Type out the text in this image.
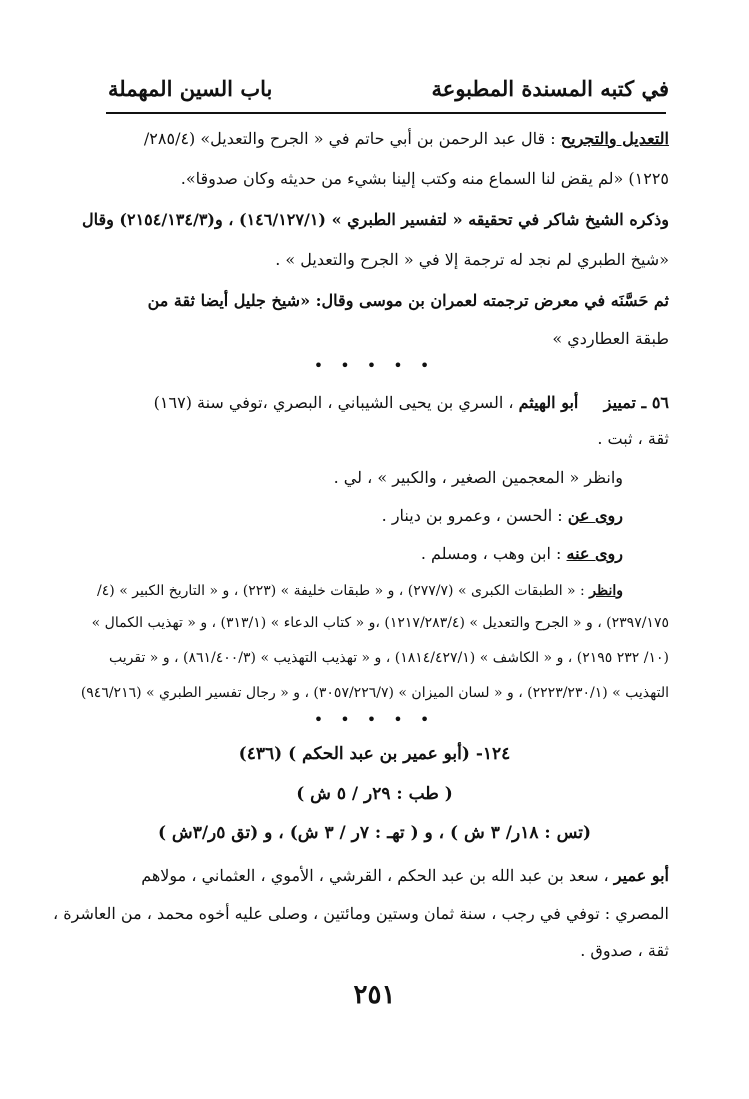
في كتبه المسندة المطبوعة
باب السين المهملة
التعديل والتجريح : قال عبد الرحمن بن أبي حاتم في « الجرح والتعديل» (٢٨٥/٤/
١٢٢٥) «لم يقض لنا السماع منه وكتب إلينا بشيء من حديثه وكان صدوقا».
وذكره الشيخ شاكر في تحقيقه « لتفسير الطبري » (١٤٦/١٢٧/١) ، و(٢١٥٤/١٣٤/٣) وقال
«شيخ الطبري لم نجد له ترجمة إلا في « الجرح والتعديل » .
ثم حَسَّنَه في معرض ترجمته لعمران بن موسى وقال: «شيخ جليل أيضا ثقة من
طبقة العطاردي »
• • • • •
٥٦ ـ تمييز     أبو الهيثم ، السري بن يحيى الشيباني ، البصري ،توفي سنة (١٦٧)
ثقة ، ثبت .
وانظر « المعجمين الصغير ، والكبير » ، لي .
روى عن : الحسن ، وعمرو بن دينار .
روى عنه : ابن وهب ، ومسلم .
وانظر : « الطبقات الكبرى » (٢٧٧/٧) ، و « طبقات خليفة » (٢٢٣) ، و « التاريخ الكبير » (٤/
٢٣٩٧/١٧٥) ، و « الجرح والتعديل » (١٢١٧/٢٨٣/٤) ،و « كتاب الدعاء » (٣١٣/١) ، و « تهذيب الكمال »
(١٠/ ٢٣٢ ٢١٩٥) ، و « الكاشف » (١٨١٤/٤٢٧/١) ، و « تهذيب التهذيب » (٨٦١/٤٠٠/٣) ، و « تقريب
التهذيب » (٢٢٢٣/٢٣٠/١) ، و « لسان الميزان » (٣٠٥٧/٢٢٦/٧) ، و « رجال تفسير الطبري » (٩٤٦/٢١٦)
• • • • •
١٢٤- (أبو عمير بن عبد الحكم ) (٤٣٦)
( طب : ٢٩ر / ٥ ش )
(تس : ١٨ر/ ٣ ش ) ، و ( تهـ : ٧ر / ٣ ش) ، و (تق ٥ر/٣ش )
أبو عمير ، سعد بن عبد الله بن عبد الحكم ، القرشي ، الأموي ، العثماني ، مولاهم
المصري : توفي في رجب ، سنة ثمان وستين ومائتين ، وصلى عليه أخوه محمد ، من العاشرة ،
ثقة ، صدوق .
٢٥١
